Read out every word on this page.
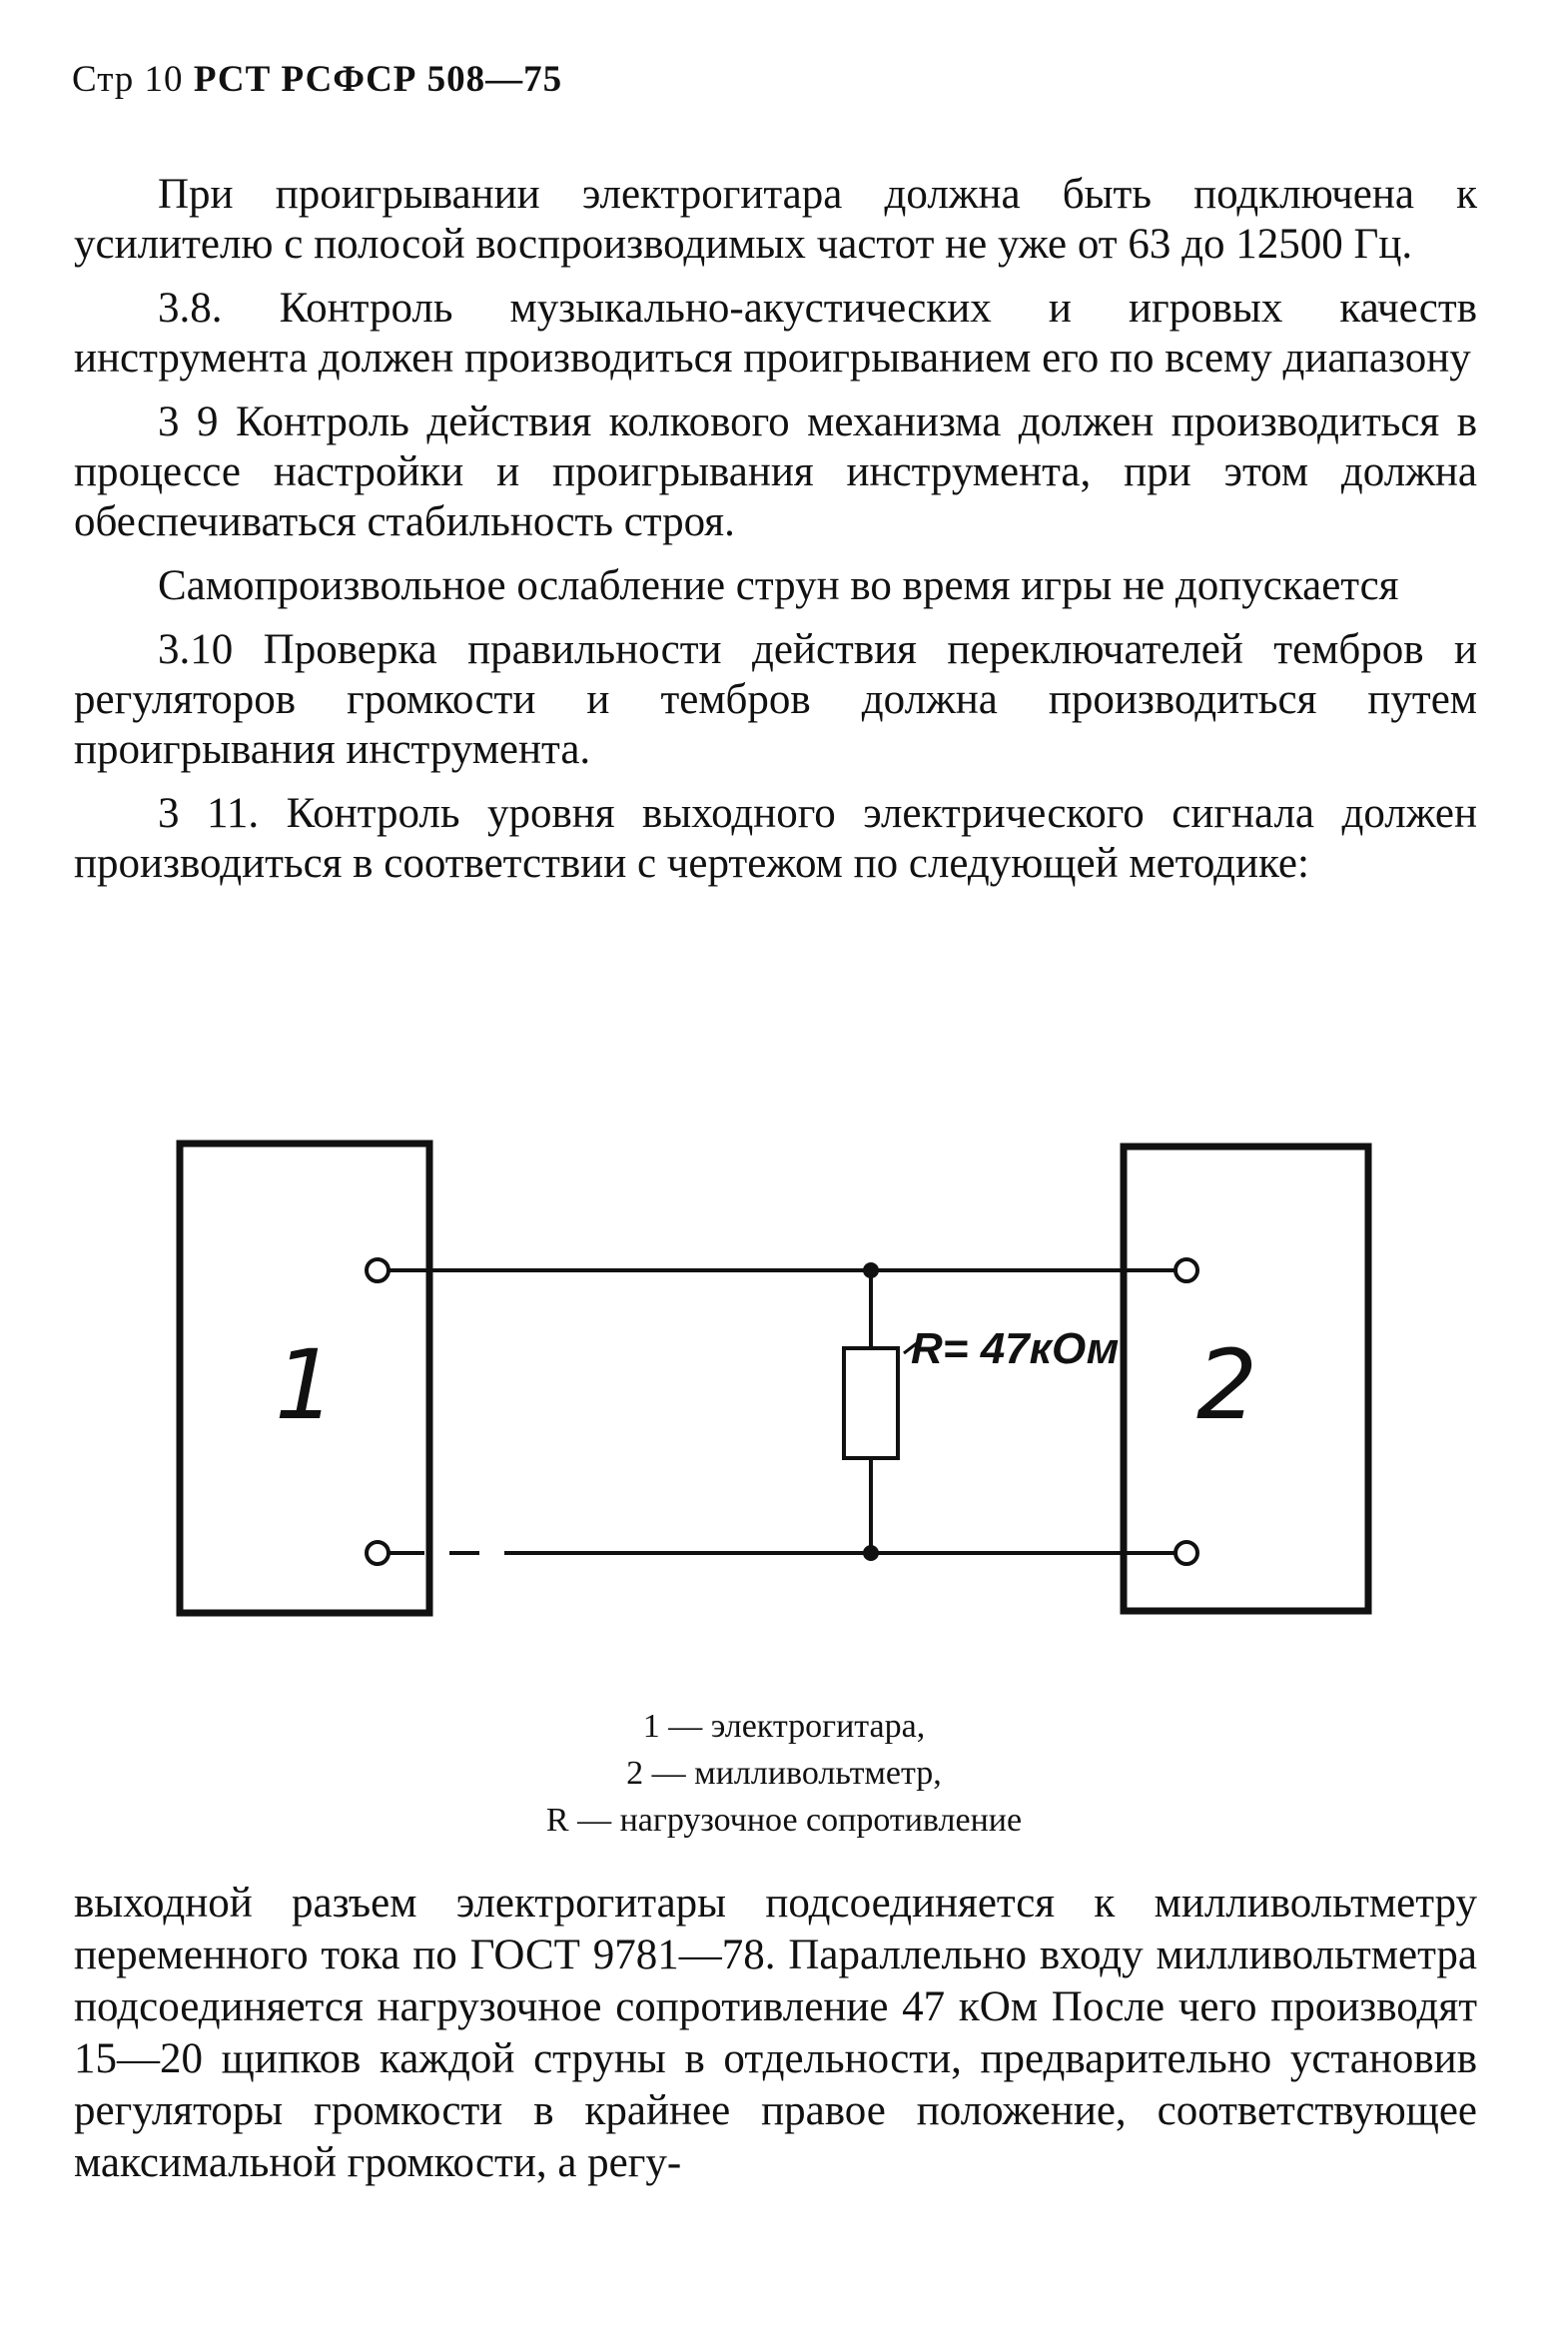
Стр 10 РСТ РСФСР 508—75

При проигрывании электрогитара должна быть подключена к усилителю с полосой воспроизводимых частот не уже от 63 до 12500 Гц.

3.8. Контроль музыкально-акустических и игровых качеств инструмента должен производиться проигрыванием его по всему диапазону

3 9 Контроль действия колкового механизма должен производиться в процессе настройки и проигрывания инструмента, при этом должна обеспечиваться стабильность строя.

Самопроизвольное ослабление струн во время игры не допускается

3.10 Проверка правильности действия переключателей тембров и регуляторов громкости и тембров должна производиться путем проигрывания инструмента.

3 11. Контроль уровня выходного электрического сигнала должен производиться в соответствии с чертежом по следующей методике:

R= 47кОм
1	2
1 — электрогитара,
2 — милливольтметр,
R — нагрузочное сопротивление

выходной разъем электрогитары подсоединяется к милливольтметру переменного тока по ГОСТ 9781—78. Параллельно входу милливольтметра подсоединяется нагрузочное сопротивление 47 кОм После чего производят 15—20 щипков каждой струны в отдельности, предварительно установив регуляторы громкости в крайнее правое положение, соответствующее максимальной громкости, а регу-
